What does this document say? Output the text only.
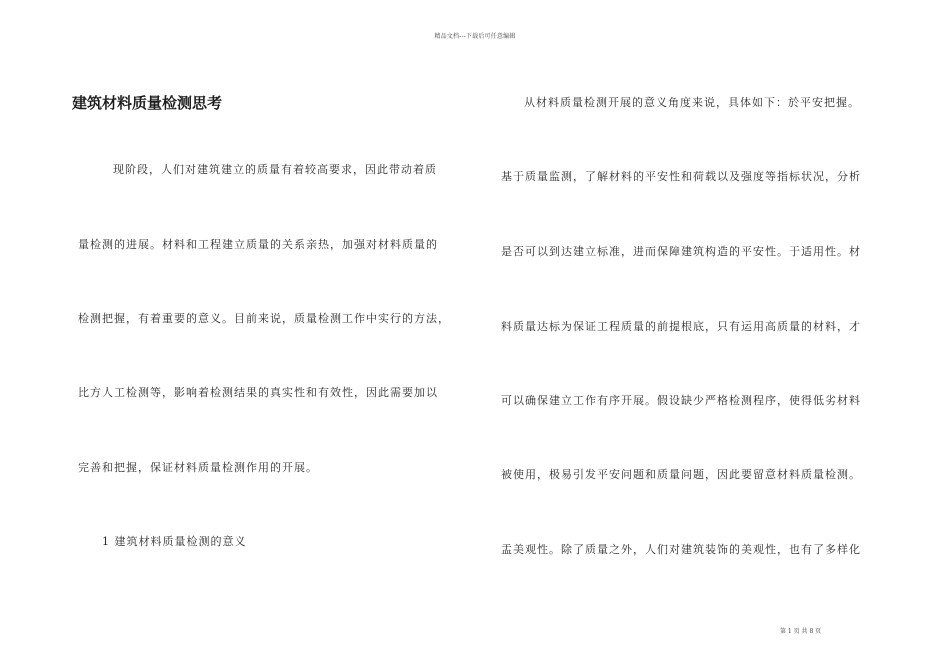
精品文档---下载后可任意编辑
建筑材料质量检测思考

现阶段，人们对建筑建立的质量有着较高要求，因此带动着质

量检测的进展。材料和工程建立质量的关系亲热，加强对材料质量的

检测把握，有着重要的意义。目前来说，质量检测工作中实行的方法，

比方人工检测等，影响着检测结果的真实性和有效性，因此需要加以

完善和把握，保证材料质量检测作用的开展。

1 建筑材料质量检测的意义

从材料质量检测开展的意义角度来说，具体如下：於平安把握。

基于质量监测，了解材料的平安性和荷载以及强度等指标状况，分析

是否可以到达建立标准，进而保障建筑构造的平安性。于适用性。材

料质量达标为保证工程质量的前提根底，只有运用高质量的材料，才

可以确保建立工作有序开展。假设缺少严格检测程序，使得低劣材料

被使用，极易引发平安问题和质量问题，因此要留意材料质量检测。

盂美观性。除了质量之外，人们对建筑装饰的美观性，也有了多样化

第 1 页 共 8 页
